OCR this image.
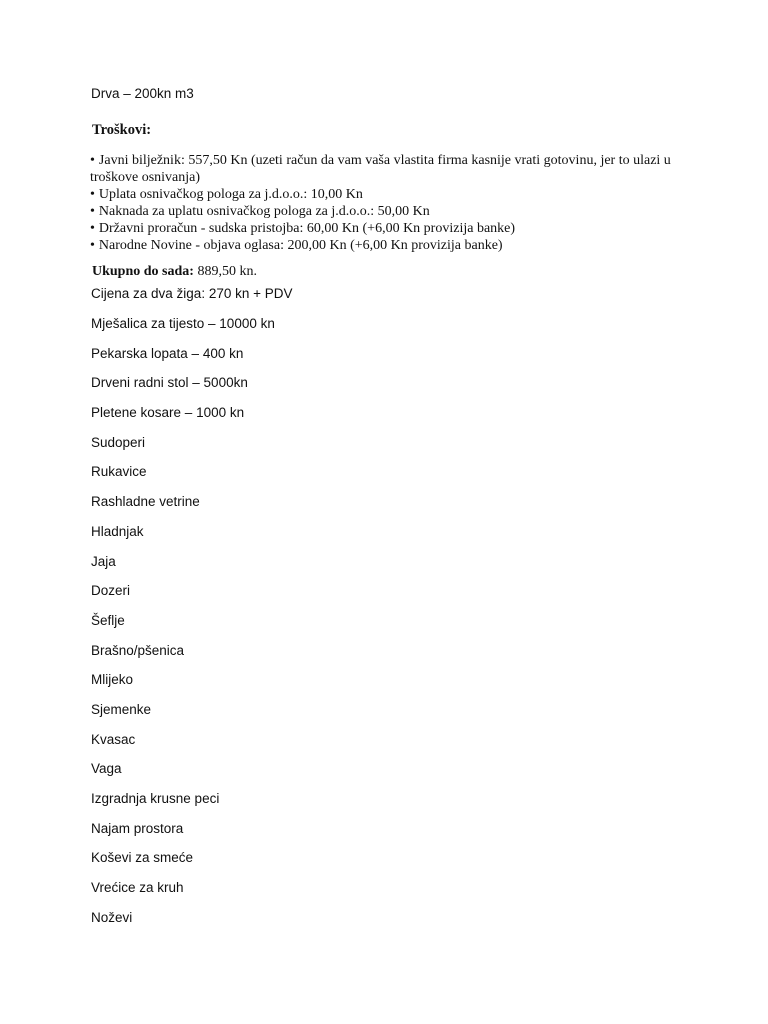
Drva – 200kn m3

Troškovi:

• Javni bilježnik: 557,50 Kn (uzeti račun da vam vaša vlastita firma kasnije vrati gotovinu, jer to ulazi u troškove osnivanja)
• Uplata osnivačkog pologa za j.d.o.o.: 10,00 Kn
• Naknada za uplatu osnivačkog pologa za j.d.o.o.: 50,00 Kn
• Državni proračun - sudska pristojba: 60,00 Kn (+6,00 Kn provizija banke)
• Narodne Novine - objava oglasa: 200,00 Kn (+6,00 Kn provizija banke)

Ukupno do sada: 889,50 kn.

Cijena za dva žiga: 270 kn + PDV

Mješalica za tijesto – 10000 kn
Pekarska lopata – 400 kn
Drveni radni stol – 5000kn
Pletene kosare – 1000 kn
Sudoperi
Rukavice
Rashladne vetrine
Hladnjak
Jaja
Dozeri
Šeflje
Brašno/pšenica
Mlijeko
Sjemenke
Kvasac
Vaga
Izgradnja krusne peci
Najam prostora
Koševi za smeće
Vrećice za kruh
Noževi
